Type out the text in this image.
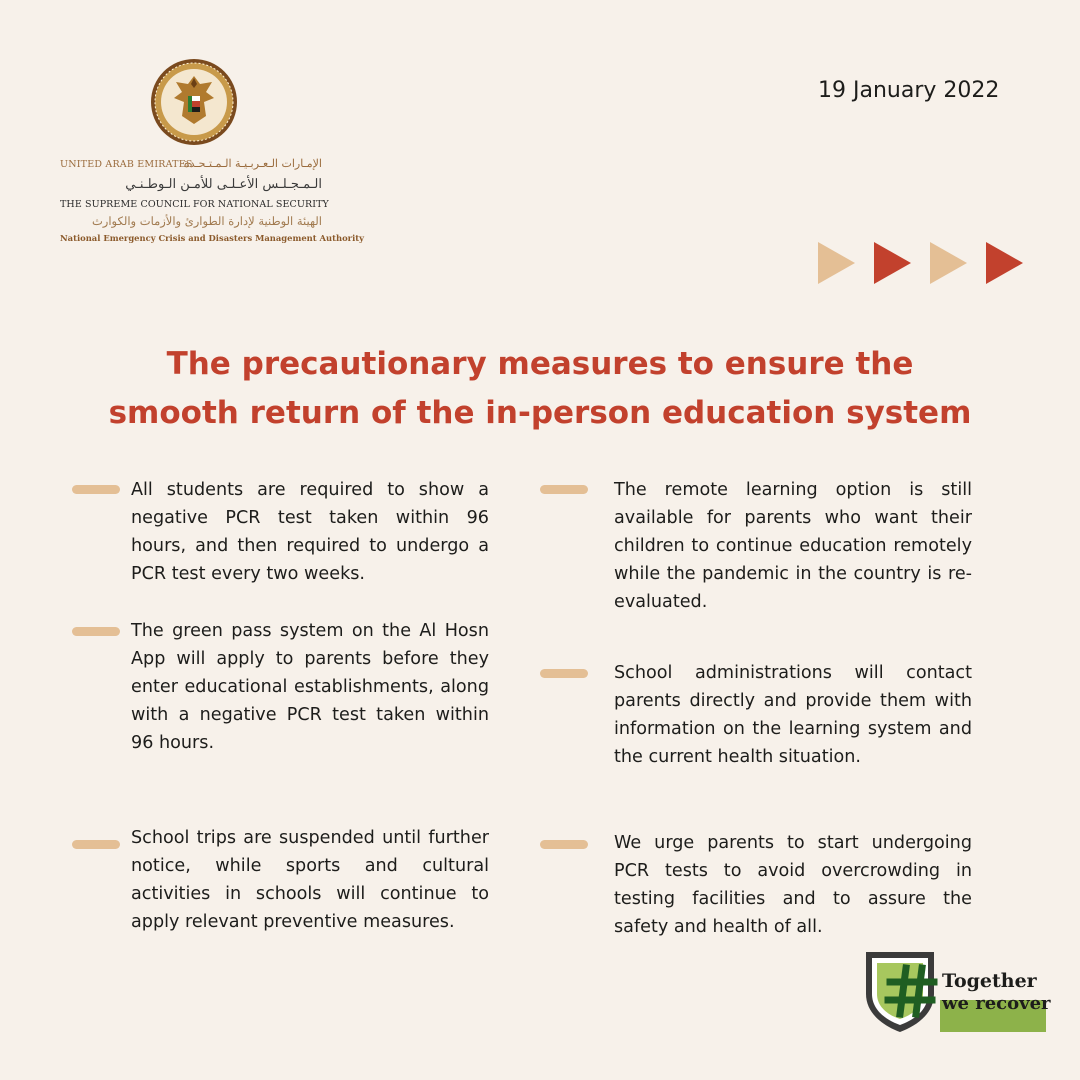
UNITED ARAB EMIRATES
الإمـارات الـعـربـيـة الـمـتـحـدة
الـمـجـلـس الأعـلـى للأمـن الـوطـنـي
THE SUPREME COUNCIL FOR NATIONAL SECURITY
الهيئة الوطنية لإدارة الطوارئ والأزمات والكوارث
National Emergency Crisis and Disasters Management Authority
19 January 2022
The precautionary measures to ensure the
smooth return of the in-person education system

All students are required to show a negative PCR test taken within 96 hours, and then required to undergo a PCR test every two weeks.

The green pass system on the Al Hosn App will apply to parents before they enter educational establishments, along with a negative PCR test taken within 96 hours.

School trips are suspended until further notice, while sports and cultural activities in schools will continue to apply relevant preventive measures.

The remote learning option is still available for parents who want their children to continue education remotely while the pandemic in the country is re-evaluated.

School administrations will contact parents directly and provide them with information on the learning system and the current health situation.

We urge parents to start undergoing PCR tests to avoid overcrowding in testing facilities and to assure the safety and health of all.

Together
we recover
